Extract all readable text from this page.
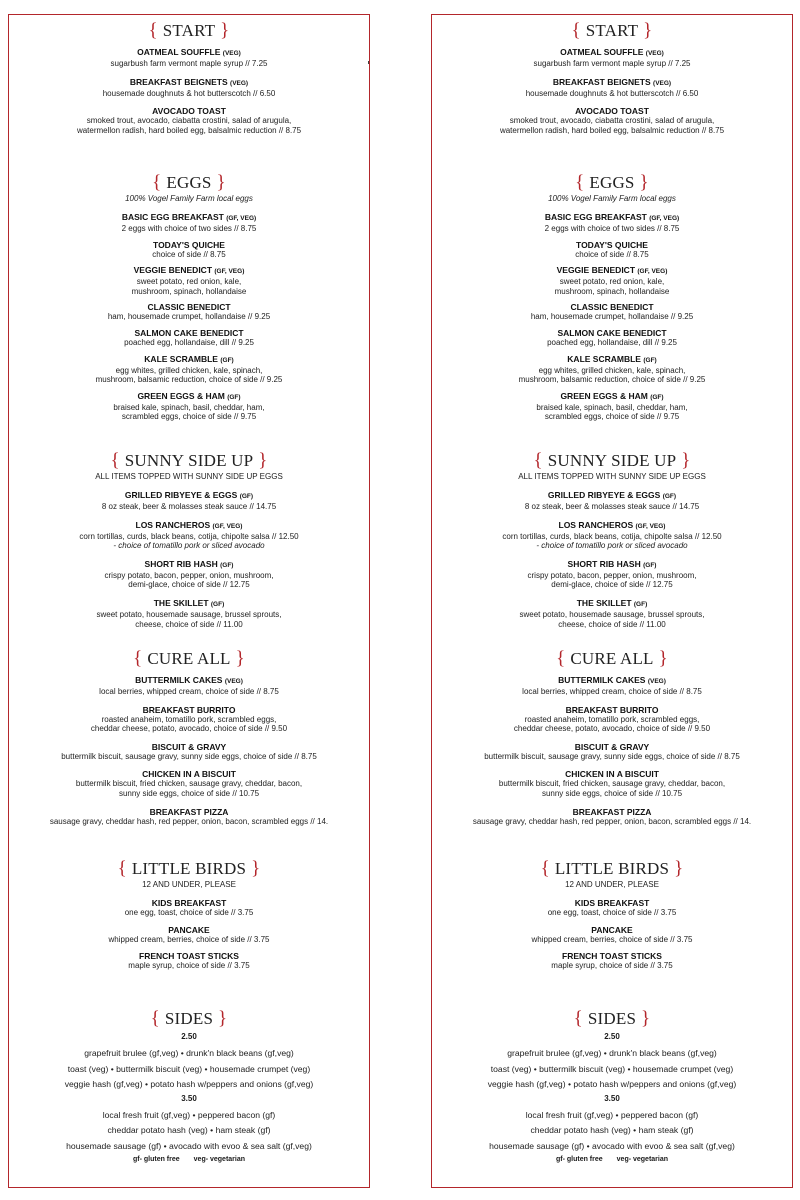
{ START }
OATMEAL SOUFFLE (VEG)
sugarbush farm vermont maple syrup // 7.25
BREAKFAST BEIGNETS (VEG)
housemade doughnuts & hot butterscotch // 6.50
AVOCADO TOAST
smoked trout, avocado, ciabatta crostini, salad of arugula,
watermellon radish, hard boiled egg, balsalmic reduction // 8.75
{ EGGS }
100% Vogel Family Farm local eggs
BASIC EGG BREAKFAST (GF, VEG)
2 eggs with choice of two sides // 8.75
TODAY'S QUICHE
choice of side // 8.75
VEGGIE BENEDICT (GF, VEG)
sweet potato, red onion, kale,
mushroom, spinach, hollandaise
CLASSIC BENEDICT
ham, housemade crumpet, hollandaise // 9.25
SALMON CAKE BENEDICT
poached egg, hollandaise, dill // 9.25
KALE SCRAMBLE (GF)
egg whites, grilled chicken, kale, spinach,
mushroom, balsamic reduction, choice of side // 9.25
GREEN EGGS & HAM (GF)
braised kale, spinach, basil, cheddar, ham,
scrambled eggs, choice of side // 9.75
{ SUNNY SIDE UP }
ALL ITEMS TOPPED WITH SUNNY SIDE UP EGGS
GRILLED RIBYEYE & EGGS (GF)
8 oz steak, beer & molasses steak sauce // 14.75
LOS RANCHEROS (GF, VEG)
corn tortillas, curds, black beans, cotija, chipolte salsa // 12.50
- choice of tomatillo pork or sliced avocado
SHORT RIB HASH (GF)
crispy potato, bacon, pepper, onion, mushroom,
demi-glace, choice of side // 12.75
THE SKILLET (GF)
sweet potato, housemade sausage, brussel sprouts,
cheese, choice of side // 11.00
{ CURE ALL }
BUTTERMILK CAKES (VEG)
local berries, whipped cream, choice of side // 8.75
BREAKFAST BURRITO
roasted anaheim, tomatillo pork, scrambled eggs,
cheddar cheese, potato, avocado, choice of side // 9.50
BISCUIT & GRAVY
buttermilk biscuit, sausage gravy, sunny side eggs, choice of side // 8.75
CHICKEN IN A BISCUIT
buttermilk biscuit, fried chicken, sausage gravy, cheddar, bacon,
sunny side eggs, choice of side // 10.75
BREAKFAST PIZZA
sausage gravy, cheddar hash, red pepper, onion, bacon, scrambled eggs // 14.
{ LITTLE BIRDS }
12 AND UNDER, PLEASE
KIDS BREAKFAST
one egg, toast, choice of side // 3.75
PANCAKE
whipped cream, berries, choice of side // 3.75
FRENCH TOAST STICKS
maple syrup, choice of side // 3.75
{ SIDES }
2.50
grapefruit brulee (gf,veg) • drunk'n black beans (gf,veg)
toast (veg) • buttermilk biscuit (veg) • housemade crumpet (veg)
veggie hash (gf,veg) • potato hash w/peppers and onions (gf,veg)
3.50
local fresh fruit (gf,veg) • peppered bacon (gf)
cheddar potato hash (veg) • ham steak (gf)
housemade sausage (gf) • avocado with evoo & sea salt (gf,veg)
gf- gluten free veg- vegetarian
{ START }
OATMEAL SOUFFLE (VEG)
sugarbush farm vermont maple syrup // 7.25
BREAKFAST BEIGNETS (VEG)
housemade doughnuts & hot butterscotch // 6.50
AVOCADO TOAST
smoked trout, avocado, ciabatta crostini, salad of arugula,
watermellon radish, hard boiled egg, balsalmic reduction // 8.75
{ EGGS }
100% Vogel Family Farm local eggs
BASIC EGG BREAKFAST (GF, VEG)
2 eggs with choice of two sides // 8.75
TODAY'S QUICHE
choice of side // 8.75
VEGGIE BENEDICT (GF, VEG)
sweet potato, red onion, kale,
mushroom, spinach, hollandaise
CLASSIC BENEDICT
ham, housemade crumpet, hollandaise // 9.25
SALMON CAKE BENEDICT
poached egg, hollandaise, dill // 9.25
KALE SCRAMBLE (GF)
egg whites, grilled chicken, kale, spinach,
mushroom, balsamic reduction, choice of side // 9.25
GREEN EGGS & HAM (GF)
braised kale, spinach, basil, cheddar, ham,
scrambled eggs, choice of side // 9.75
{ SUNNY SIDE UP }
ALL ITEMS TOPPED WITH SUNNY SIDE UP EGGS
GRILLED RIBYEYE & EGGS (GF)
8 oz steak, beer & molasses steak sauce // 14.75
LOS RANCHEROS (GF, VEG)
corn tortillas, curds, black beans, cotija, chipolte salsa // 12.50
- choice of tomatillo pork or sliced avocado
SHORT RIB HASH (GF)
crispy potato, bacon, pepper, onion, mushroom,
demi-glace, choice of side // 12.75
THE SKILLET (GF)
sweet potato, housemade sausage, brussel sprouts,
cheese, choice of side // 11.00
{ CURE ALL }
BUTTERMILK CAKES (VEG)
local berries, whipped cream, choice of side // 8.75
BREAKFAST BURRITO
roasted anaheim, tomatillo pork, scrambled eggs,
cheddar cheese, potato, avocado, choice of side // 9.50
BISCUIT & GRAVY
buttermilk biscuit, sausage gravy, sunny side eggs, choice of side // 8.75
CHICKEN IN A BISCUIT
buttermilk biscuit, fried chicken, sausage gravy, cheddar, bacon,
sunny side eggs, choice of side // 10.75
BREAKFAST PIZZA
sausage gravy, cheddar hash, red pepper, onion, bacon, scrambled eggs // 14.
{ LITTLE BIRDS }
12 AND UNDER, PLEASE
KIDS BREAKFAST
one egg, toast, choice of side // 3.75
PANCAKE
whipped cream, berries, choice of side // 3.75
FRENCH TOAST STICKS
maple syrup, choice of side // 3.75
{ SIDES }
2.50
grapefruit brulee (gf,veg) • drunk'n black beans (gf,veg)
toast (veg) • buttermilk biscuit (veg) • housemade crumpet (veg)
veggie hash (gf,veg) • potato hash w/peppers and onions (gf,veg)
3.50
local fresh fruit (gf,veg) • peppered bacon (gf)
cheddar potato hash (veg) • ham steak (gf)
housemade sausage (gf) • avocado with evoo & sea salt (gf,veg)
gf- gluten free veg- vegetarian
